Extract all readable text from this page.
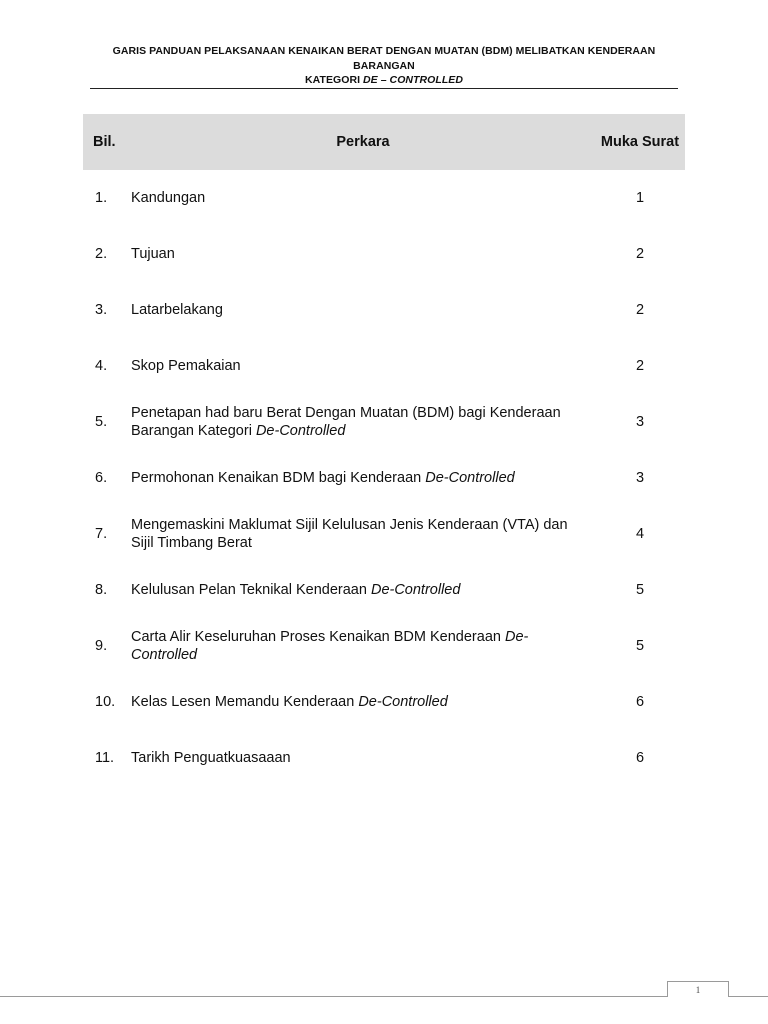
GARIS PANDUAN PELAKSANAAN KENAIKAN BERAT DENGAN MUATAN (BDM) MELIBATKAN KENDERAAN BARANGAN
KATEGORI DE – CONTROLLED
Bil.	Perkara	Muka Surat
1.	Kandungan	1
2.	Tujuan	2
3.	Latarbelakang	2
4.	Skop Pemakaian	2
5.	Penetapan had baru Berat Dengan Muatan (BDM) bagi Kenderaan Barangan Kategori De-Controlled	3
6.	Permohonan Kenaikan BDM bagi Kenderaan De-Controlled	3
7.	Mengemaskini Maklumat Sijil Kelulusan Jenis Kenderaan (VTA) dan Sijil Timbang Berat	4
8.	Kelulusan Pelan Teknikal Kenderaan De-Controlled	5
9.	Carta Alir Keseluruhan Proses Kenaikan BDM Kenderaan De-Controlled	5
10.	Kelas Lesen Memandu Kenderaan De-Controlled	6
11.	Tarikh Penguatkuasaaan	6
1
